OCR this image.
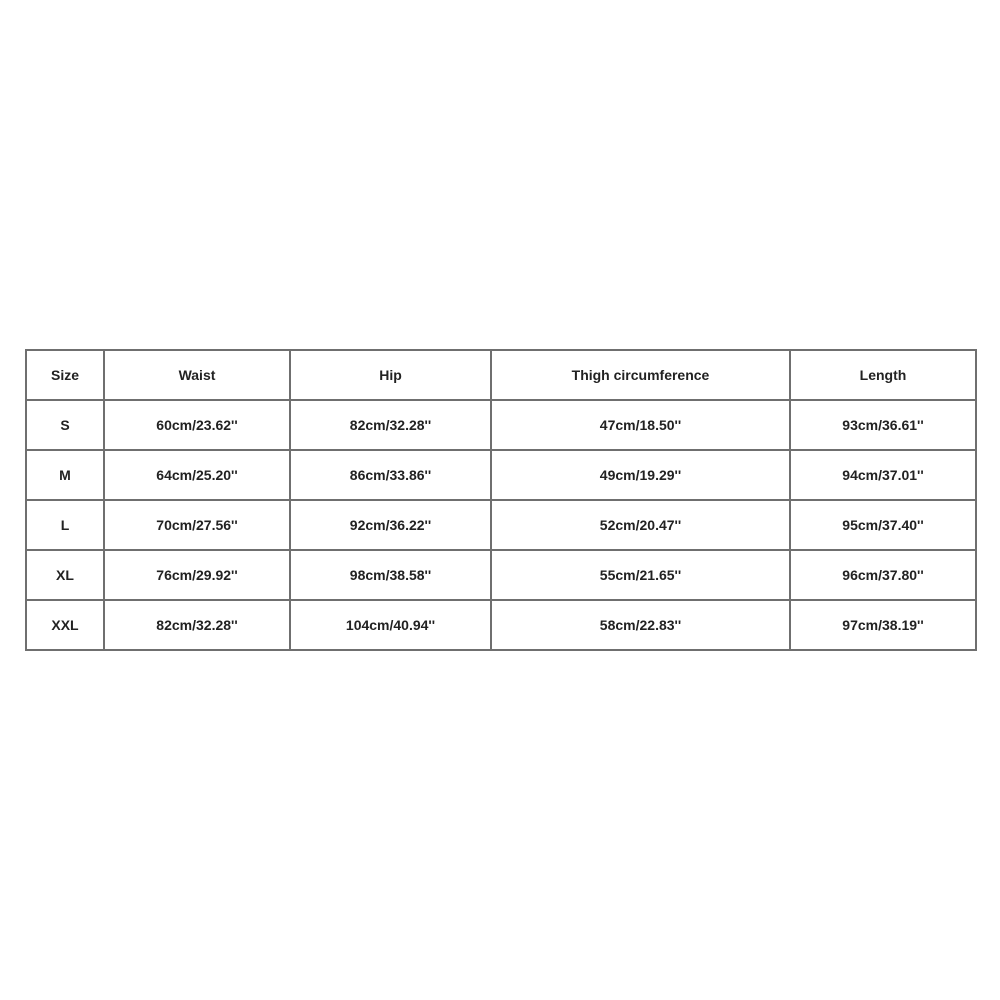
Size	Waist	Hip	Thigh circumference	Length
S	60cm/23.62''	82cm/32.28''	47cm/18.50''	93cm/36.61''
M	64cm/25.20''	86cm/33.86''	49cm/19.29''	94cm/37.01''
L	70cm/27.56''	92cm/36.22''	52cm/20.47''	95cm/37.40''
XL	76cm/29.92''	98cm/38.58''	55cm/21.65''	96cm/37.80''
XXL	82cm/32.28''	104cm/40.94''	58cm/22.83''	97cm/38.19''
